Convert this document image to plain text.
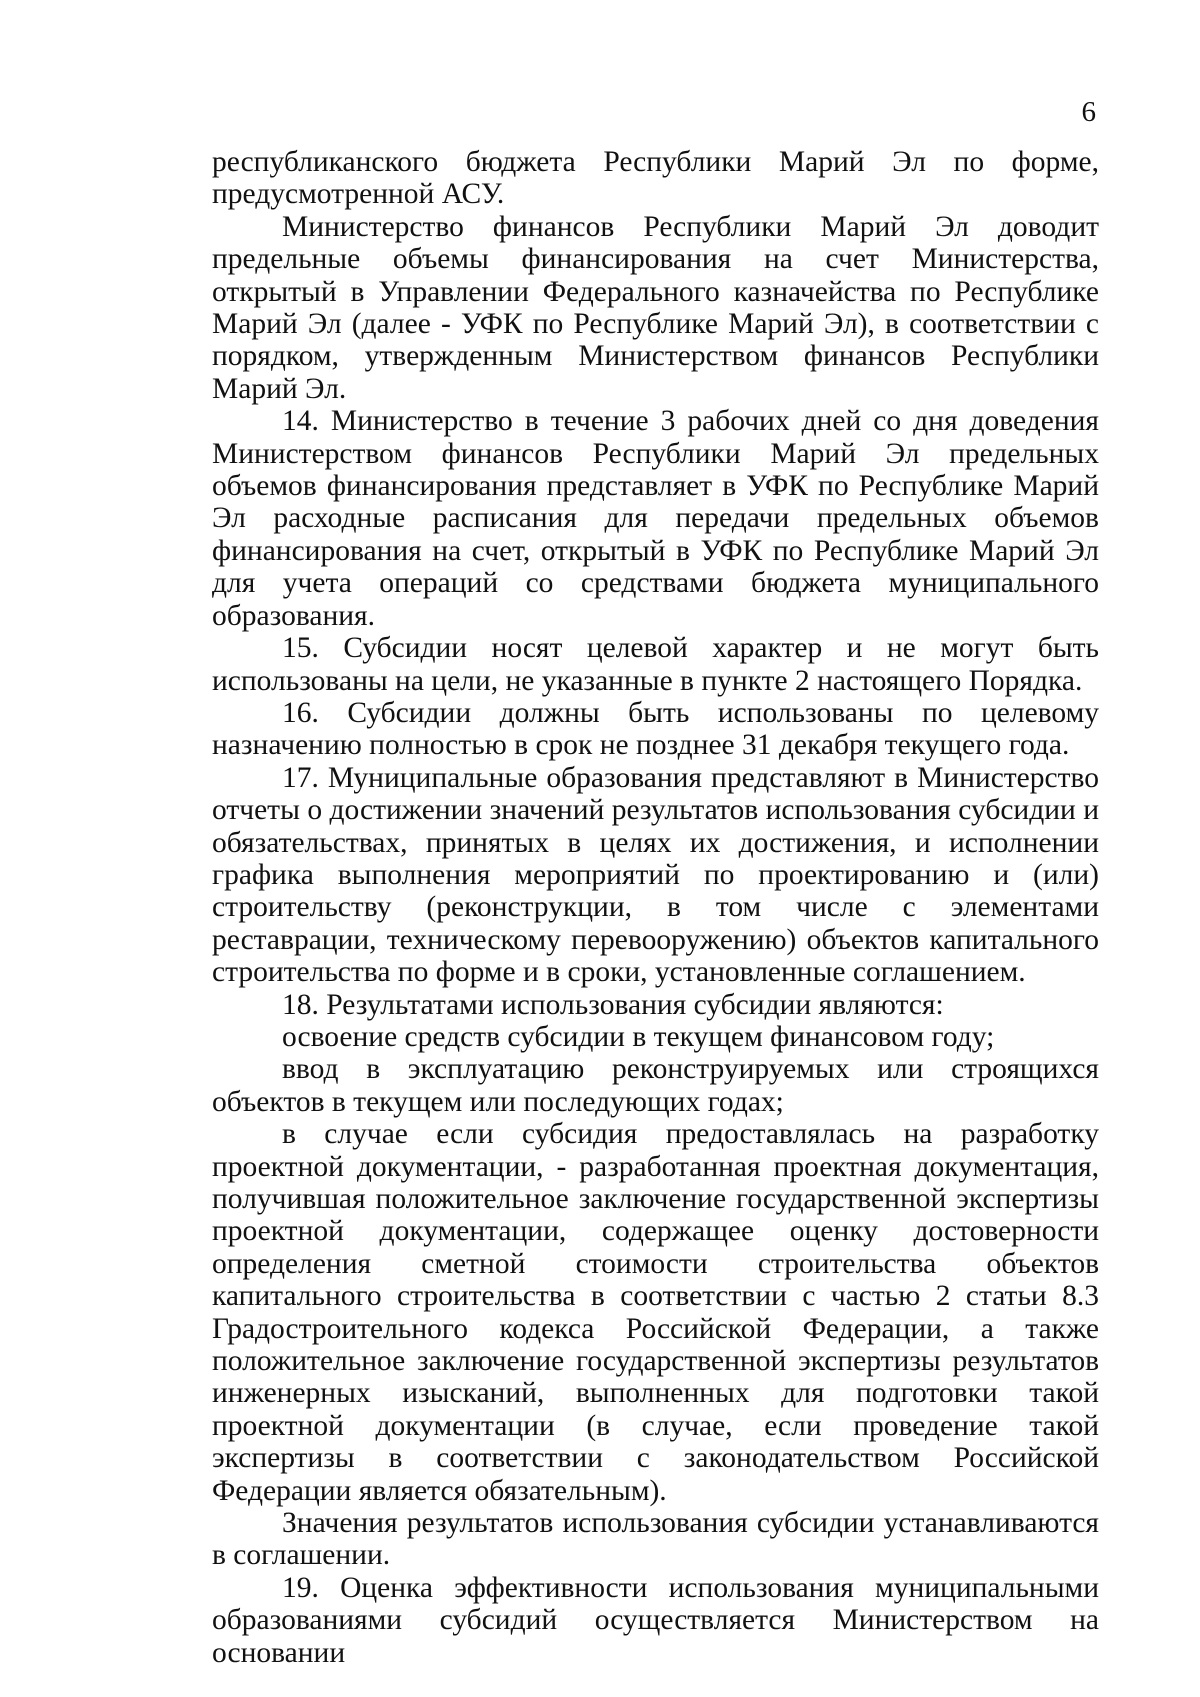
6

республиканского бюджета Республики Марий Эл по форме, предусмотренной АСУ.

Министерство финансов Республики Марий Эл доводит предельные объемы финансирования на счет Министерства, открытый в Управлении Федерального казначейства по Республике Марий Эл (далее - УФК по Республике Марий Эл), в соответствии с порядком, утвержденным Министерством финансов Республики Марий Эл.

14. Министерство в течение 3 рабочих дней со дня доведения Министерством финансов Республики Марий Эл предельных объемов финансирования представляет в УФК по Республике Марий Эл расходные расписания для передачи предельных объемов финансирования на счет, открытый в УФК по Республике Марий Эл для учета операций со средствами бюджета муниципального образования.

15. Субсидии носят целевой характер и не могут быть использованы на цели, не указанные в пункте 2 настоящего Порядка.

16. Субсидии должны быть использованы по целевому назначению полностью в срок не позднее 31 декабря текущего года.

17. Муниципальные образования представляют в Министерство отчеты о достижении значений результатов использования субсидии и обязательствах, принятых в целях их достижения, и исполнении графика выполнения мероприятий по проектированию и (или) строительству (реконструкции, в том числе с элементами реставрации, техническому перевооружению) объектов капитального строительства по форме и в сроки, установленные соглашением.

18. Результатами использования субсидии являются:

освоение средств субсидии в текущем финансовом году;

ввод в эксплуатацию реконструируемых или строящихся объектов в текущем или последующих годах;

в случае если субсидия предоставлялась на разработку проектной документации, - разработанная проектная документация, получившая положительное заключение государственной экспертизы проектной документации, содержащее оценку достоверности определения сметной стоимости строительства объектов капитального строительства в соответствии с частью 2 статьи 8.3 Градостроительного кодекса Российской Федерации, а также положительное заключение государственной экспертизы результатов инженерных изысканий, выполненных для подготовки такой проектной документации (в случае, если проведение такой экспертизы в соответствии с законодательством Российской Федерации является обязательным).

Значения результатов использования субсидии устанавливаются в соглашении.

19. Оценка эффективности использования муниципальными образованиями субсидий осуществляется Министерством на основании
